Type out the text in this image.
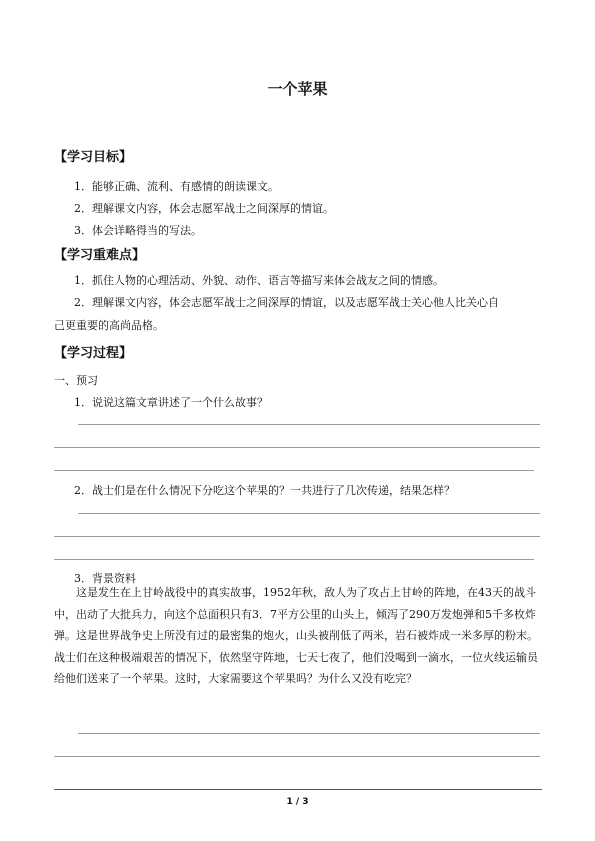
一个苹果
【学习目标】
1．能够正确、流利、有感情的朗读课文。
2．理解课文内容，体会志愿军战士之间深厚的情谊。
3．体会详略得当的写法。
【学习重难点】
1．抓住人物的心理活动、外貌、动作、语言等描写来体会战友之间的情感。
2．理解课文内容，体会志愿军战士之间深厚的情谊，以及志愿军战士关心他人比关心自
己更重要的高尚品格。
【学习过程】
一、预习
1．说说这篇文章讲述了一个什么故事？
2．战士们是在什么情况下分吃这个苹果的？一共进行了几次传递，结果怎样？
3．背景资料
这是发生在上甘岭战役中的真实故事，1952年秋，敌人为了攻占上甘岭的阵地，在43天的战斗中，出动了大批兵力，向这个总面积只有3．7平方公里的山头上，倾泻了290万发炮弹和5千多枚炸弹。这是世界战争史上所没有过的最密集的炮火，山头被削低了两米，岩石被炸成一米多厚的粉末。战士们在这种极端艰苦的情况下，依然坚守阵地，七天七夜了，他们没喝到一滴水，一位火线运输员给他们送来了一个苹果。这时，大家需要这个苹果吗？为什么又没有吃完？
1 / 3
